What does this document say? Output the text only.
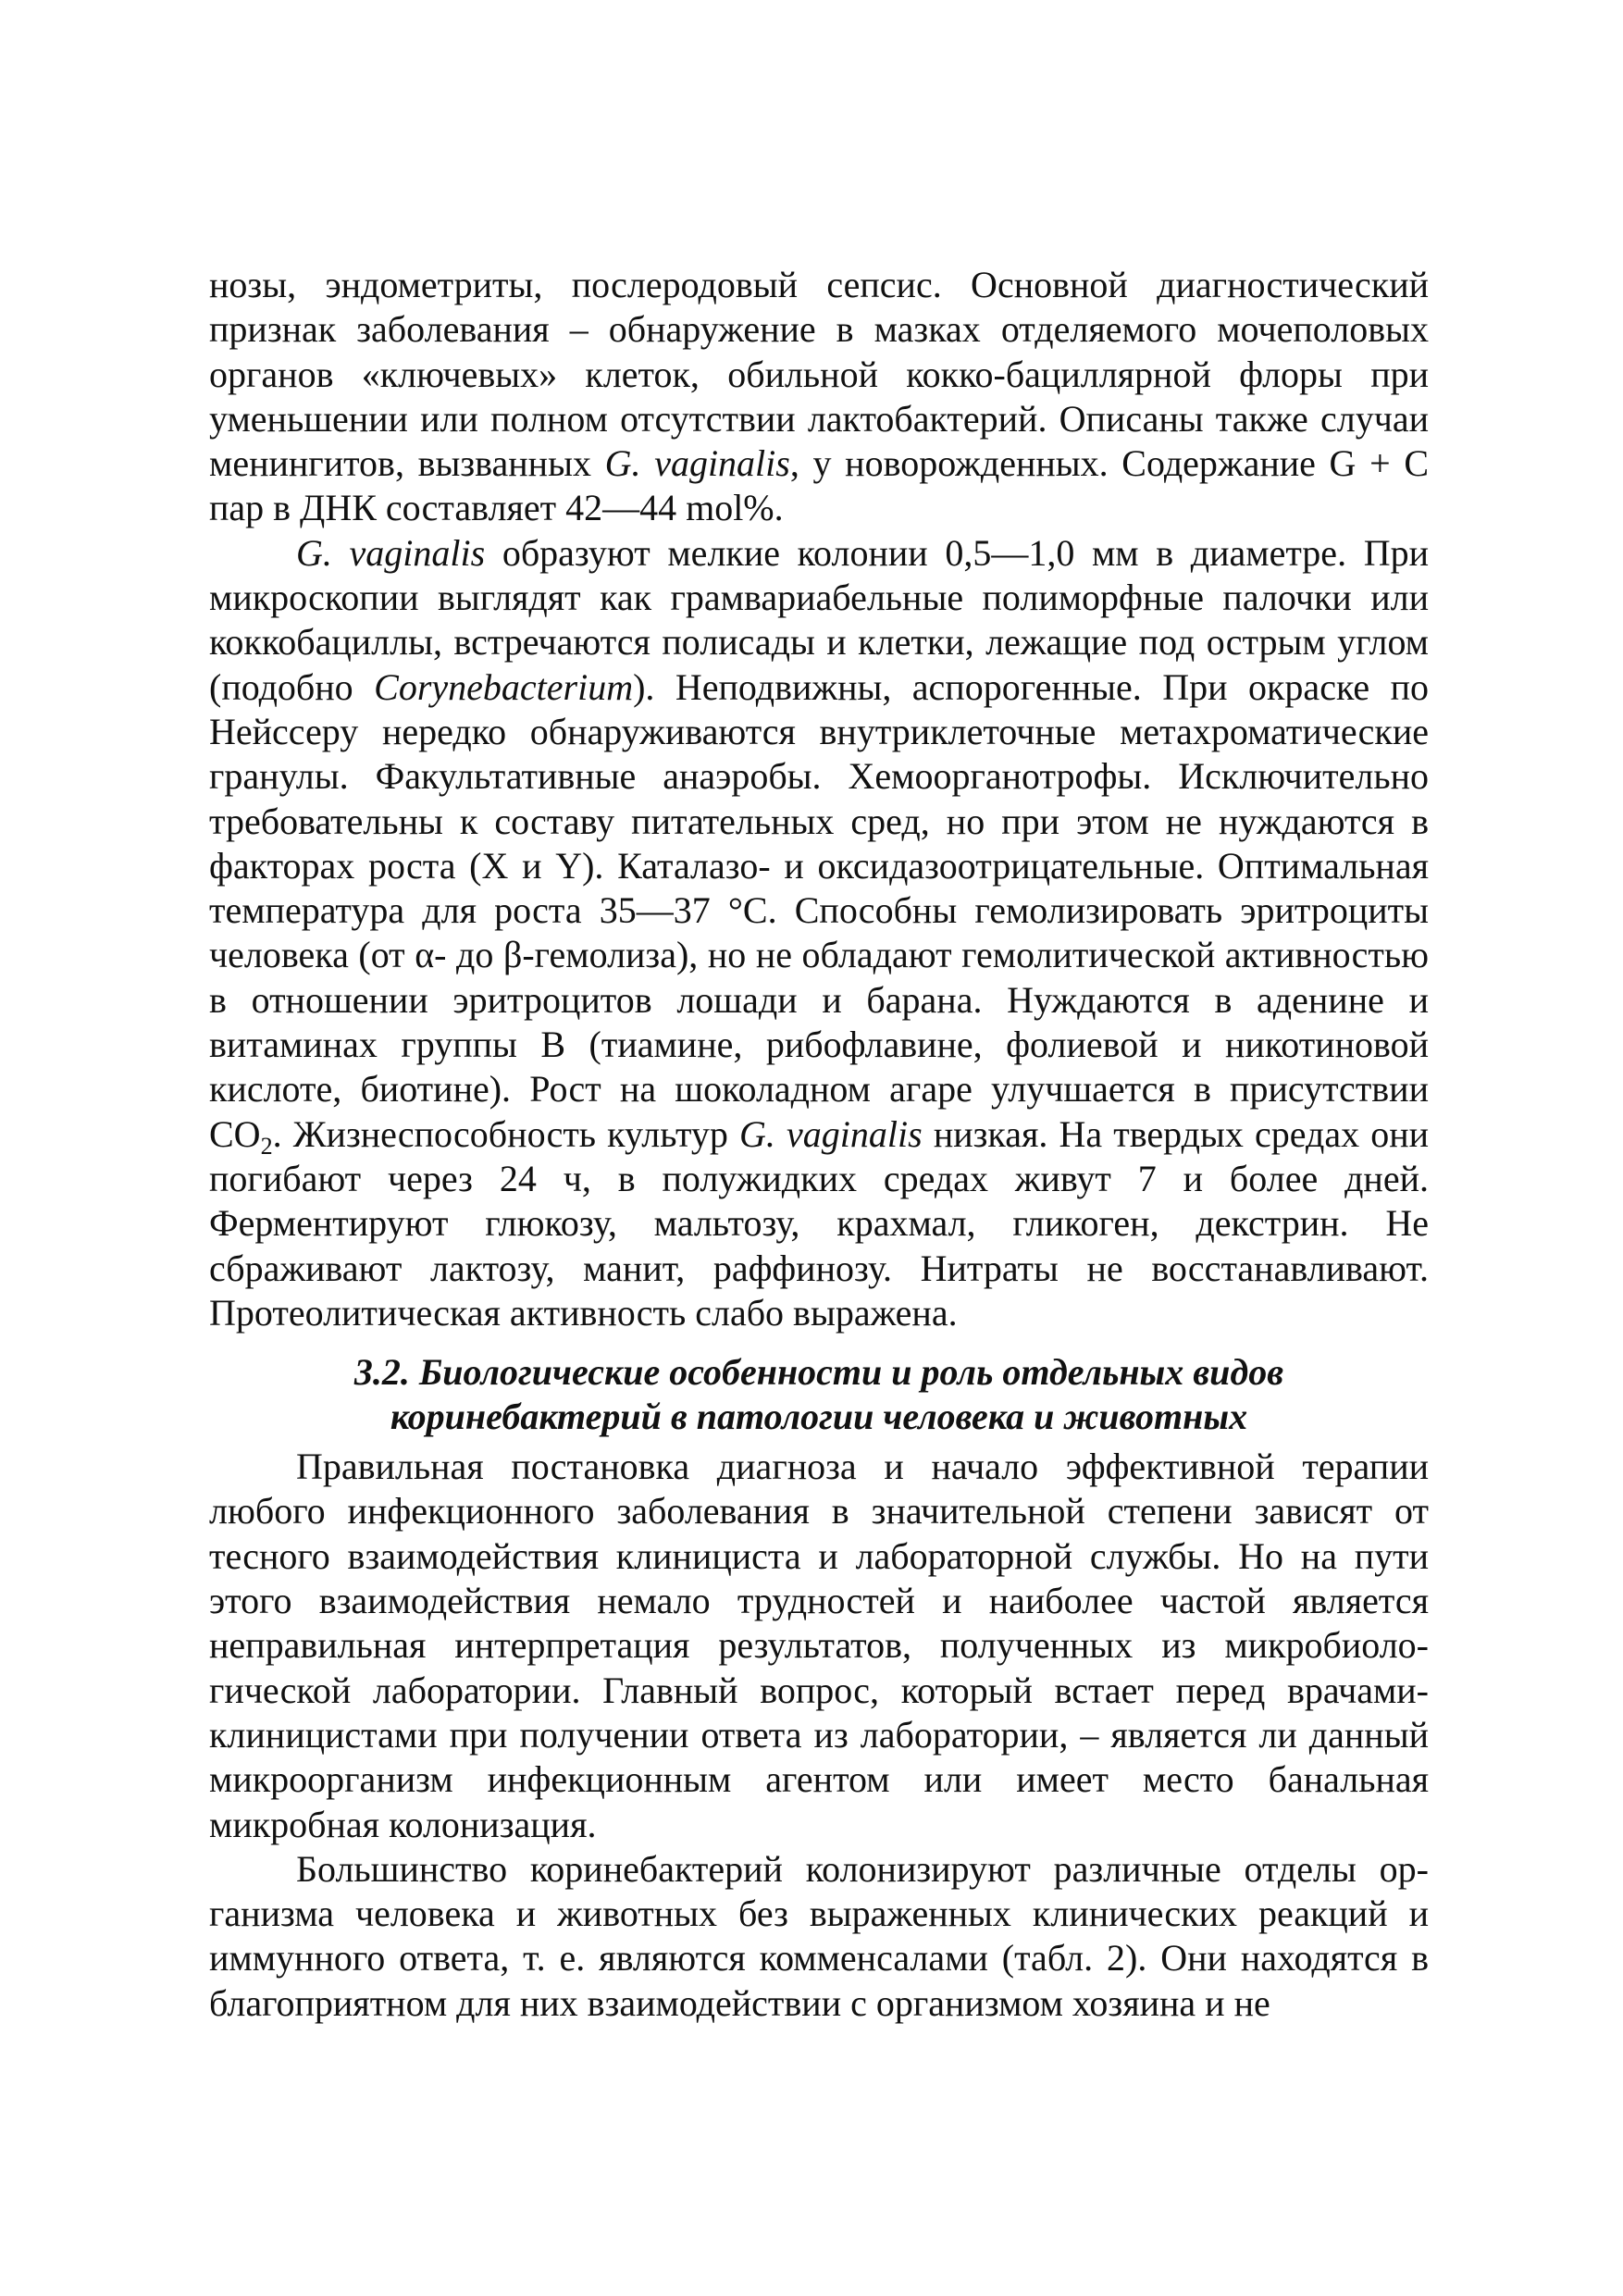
нозы, эндометриты, послеродовый сепсис. Основной диагностический признак заболевания – обнаружение в мазках отделяемого мочеполовых органов «ключевых» клеток, обильной кокко-бациллярной флоры при уменьшении или полном отсутствии лактобактерий. Описаны также случаи менингитов, вызванных G. vaginalis, у новорожденных. Содержание G + C пар в ДНК составляет 42—44 mol%.

G. vaginalis образуют мелкие колонии 0,5—1,0 мм в диаметре. При микроскопии выглядят как грамвариабельные полиморфные палочки или коккобациллы, встречаются полисады и клетки, лежащие под острым углом (подобно Corynebacterium). Неподвижны, аспорогенные. При окраске по Нейссеру нередко обнаруживаются внутриклеточные метахроматические гранулы. Факультативные анаэробы. Хемоорганотрофы. Исключительно требовательны к составу питательных сред, но при этом не нуждаются в факторах роста (X и Y). Каталазо- и оксидазоотрицательные. Оптимальная температура для роста 35—37 °С. Способны гемолизировать эритроциты человека (от α- до β-гемолиза), но не обладают гемолитической активностью в отношении эритроцитов лошади и барана. Нуждаются в аденине и витаминах группы B (тиамине, рибофлавине, фолиевой и никотиновой кислоте, биотине). Рост на шоколадном агаре улучшается в присутствии $CO_2$. Жизнеспособность культур G. vaginalis низкая. На твердых средах они погибают через 24 ч, в полужидких средах живут 7 и более дней. Ферментируют глюкозу, мальтозу, крахмал, гликоген, декстрин. Не сбраживают лактозу, манит, раффинозу. Нитраты не восстанавливают. Протеолитическая активность слабо выражена.

3.2. Биологические особенности и роль отдельных видов
коринебактерий в патологии человека и животных

Правильная постановка диагноза и начало эффективной терапии любого инфекционного заболевания в значительной степени зависят от тесного взаимодействия клинициста и лабораторной службы. Но на пути этого взаимодействия немало трудностей и наиболее частой является неправильная интерпретация результатов, полученных из микробиологической лаборатории. Главный вопрос, который встает перед врачами-клиницистами при получении ответа из лаборатории, – является ли данный микроорганизм инфекционным агентом или имеет место банальная микробная колонизация.

Большинство коринебактерий колонизируют различные отделы организма человека и животных без выраженных клинических реакций и иммунного ответа, т. е. являются комменсалами (табл. 2). Они находятся в благоприятном для них взаимодействии с организмом хозяина и не
